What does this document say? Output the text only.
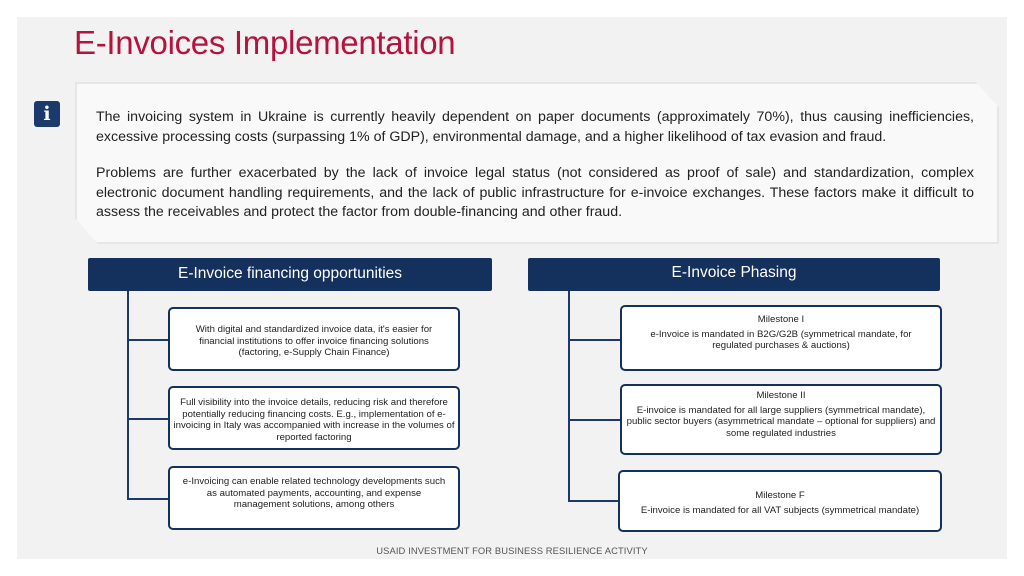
E-Invoices Implementation
i	The invoicing system in Ukraine is currently heavily dependent on paper documents (approximately 70%), thus causing inefficiencies, excessive processing costs (surpassing 1% of GDP), environmental damage, and a higher likelihood of tax evasion and fraud.
Problems are further exacerbated by the lack of invoice legal status (not considered as proof of sale) and standardization, complex electronic document handling requirements, and the lack of public infrastructure for e-invoice exchanges. These factors make it difficult to assess the receivables and protect the factor from double-financing and other fraud.
E-Invoice financing opportunities
With digital and standardized invoice data, it's easier for financial institutions to offer invoice financing solutions (factoring, e-Supply Chain Finance)
Full visibility into the invoice details, reducing risk and therefore potentially reducing financing costs. E.g., implementation of e-invoicing in Italy was accompanied with increase in the volumes of reported factoring
e-Invoicing can enable related technology developments such as automated payments, accounting, and expense management solutions, among others
E-Invoice Phasing
Milestone I
e-Invoice is mandated in B2G/G2B (symmetrical mandate, for regulated purchases & auctions)
Milestone II
E-invoice is mandated for all large suppliers (symmetrical mandate), public sector buyers (asymmetrical mandate – optional for suppliers) and some regulated industries
Milestone F
E-invoice is mandated for all VAT subjects (symmetrical mandate)
USAID INVESTMENT FOR BUSINESS RESILIENCE ACTIVITY
